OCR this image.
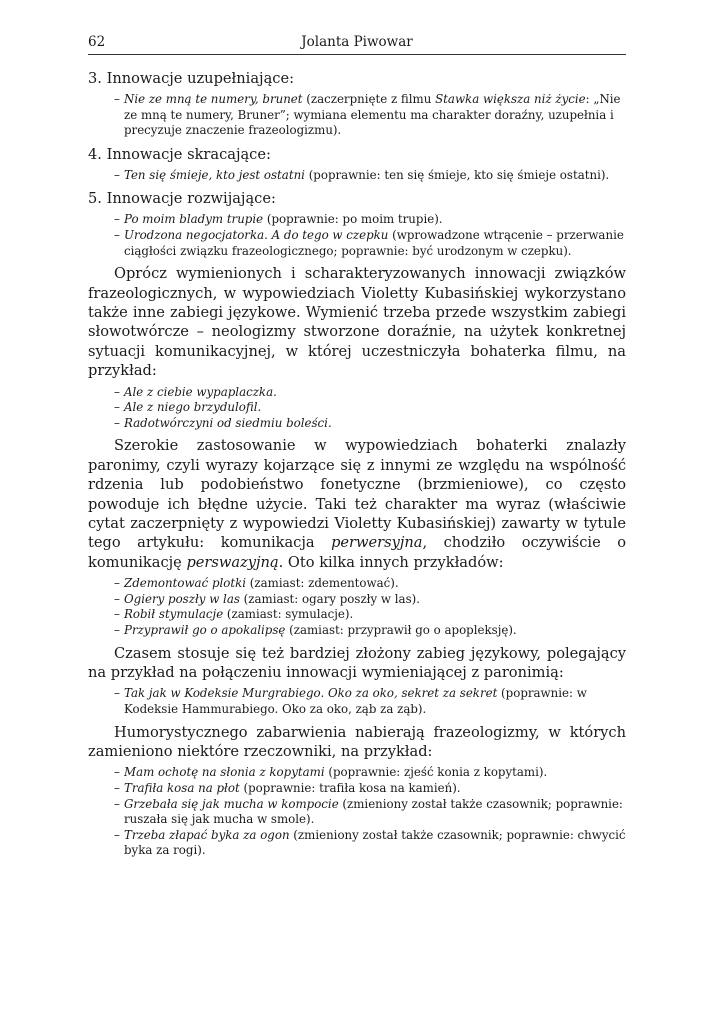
62	Jolanta Piwowar
3. Innowacje uzupełniające:
– Nie ze mną te numery, brunet (zaczerpnięte z filmu Stawka większa niż życie: „Nie ze mną te numery, Bruner”; wymiana elementu ma charakter doraźny, uzupełnia i precyzuje znaczenie frazeologizmu).
4. Innowacje skracające:
– Ten się śmieje, kto jest ostatni (poprawnie: ten się śmieje, kto się śmieje ostatni).
5. Innowacje rozwijające:
– Po moim bladym trupie (poprawnie: po moim trupie).
– Urodzona negocjatorka. A do tego w czepku (wprowadzone wtrącenie – przerwanie ciągłości związku frazeologicznego; poprawnie: być urodzonym w czepku).

Oprócz wymienionych i scharakteryzowanych innowacji związków frazeologicznych, w wypowiedziach Violetty Kubasińskiej wykorzystano także inne zabiegi językowe. Wymienić trzeba przede wszystkim zabiegi słowotwórcze – neologizmy stworzone doraźnie, na użytek konkretnej sytuacji komunikacyjnej, w której uczestniczyła bohaterka filmu, na przykład:

– Ale z ciebie wypaplaczka.
– Ale z niego brzydulofil.
– Radotwórczyni od siedmiu boleści.

Szerokie zastosowanie w wypowiedziach bohaterki znalazły paronimy, czyli wyrazy kojarzące się z innymi ze względu na wspólność rdzenia lub podobieństwo fonetyczne (brzmieniowe), co często powoduje ich błędne użycie. Taki też charakter ma wyraz (właściwie cytat zaczerpnięty z wypowiedzi Violetty Kubasińskiej) zawarty w tytule tego artykułu: komunikacja perwersyjna, chodziło oczywiście o komunikację perswazyjną. Oto kilka innych przykładów:

– Zdemontować plotki (zamiast: zdementować).
– Ogiery poszły w las (zamiast: ogary poszły w las).
– Robił stymulacje (zamiast: symulacje).
– Przyprawił go o apokalipsę (zamiast: przyprawił go o apopleksję).

Czasem stosuje się też bardziej złożony zabieg językowy, polegający na przykład na połączeniu innowacji wymieniającej z paronimią:

– Tak jak w Kodeksie Murgrabiego. Oko za oko, sekret za sekret (poprawnie: w Kodeksie Hammurabiego. Oko za oko, ząb za ząb).

Humorystycznego zabarwienia nabierają frazeologizmy, w których zamieniono niektóre rzeczowniki, na przykład:

– Mam ochotę na słonia z kopytami (poprawnie: zjeść konia z kopytami).
– Trafiła kosa na płot (poprawnie: trafiła kosa na kamień).
– Grzebała się jak mucha w kompocie (zmieniony został także czasownik; poprawnie: ruszała się jak mucha w smole).
– Trzeba złapać byka za ogon (zmieniony został także czasownik; poprawnie: chwycić byka za rogi).
